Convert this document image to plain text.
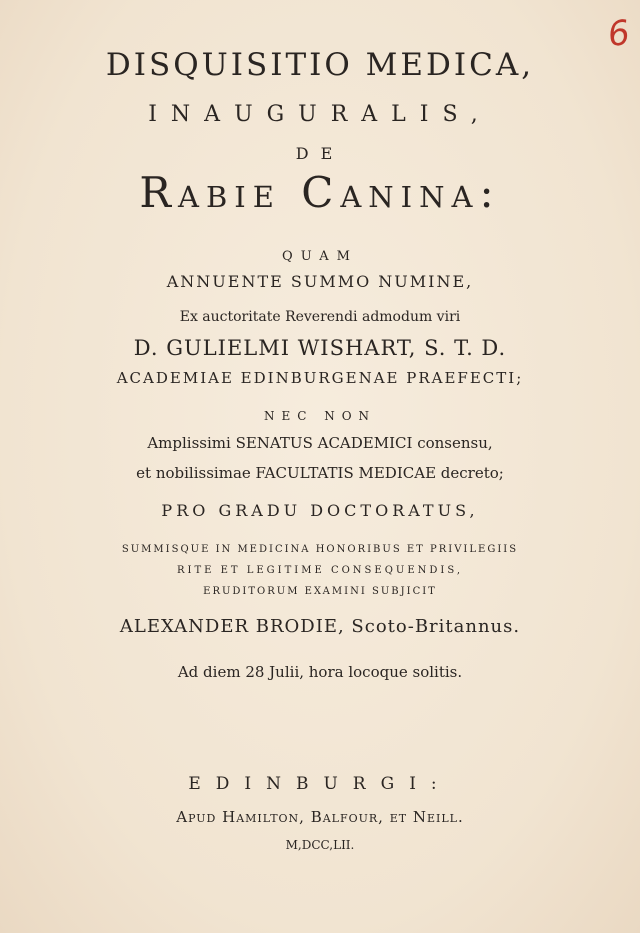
6
DISQUISITIO MEDICA,
INAUGURALIS,
DE
Rabie Canina:
QUAM
ANNUENTE SUMMO NUMINE,
Ex auctoritate Reverendi admodum viri
D. GULIELMI WISHART, S. T. D.
ACADEMIAE EDINBURGENAE PRAEFECTI;
NEC NON
Amplissimi SENATUS ACADEMICI consensu,
et nobilissimae FACULTATIS MEDICAE decreto;
PRO GRADU DOCTORATUS,
SUMMISQUE IN MEDICINA HONORIBUS ET PRIVILEGIIS
RITE ET LEGITIME CONSEQUENDIS,
ERUDITORUM EXAMINI SUBJICIT
ALEXANDER BRODIE, Scoto-Britannus.
Ad diem 28 Julii, hora locoque solitis.
EDINBURGI:
Apud Hamilton, Balfour, et Neill.
M,DCC,LII.
